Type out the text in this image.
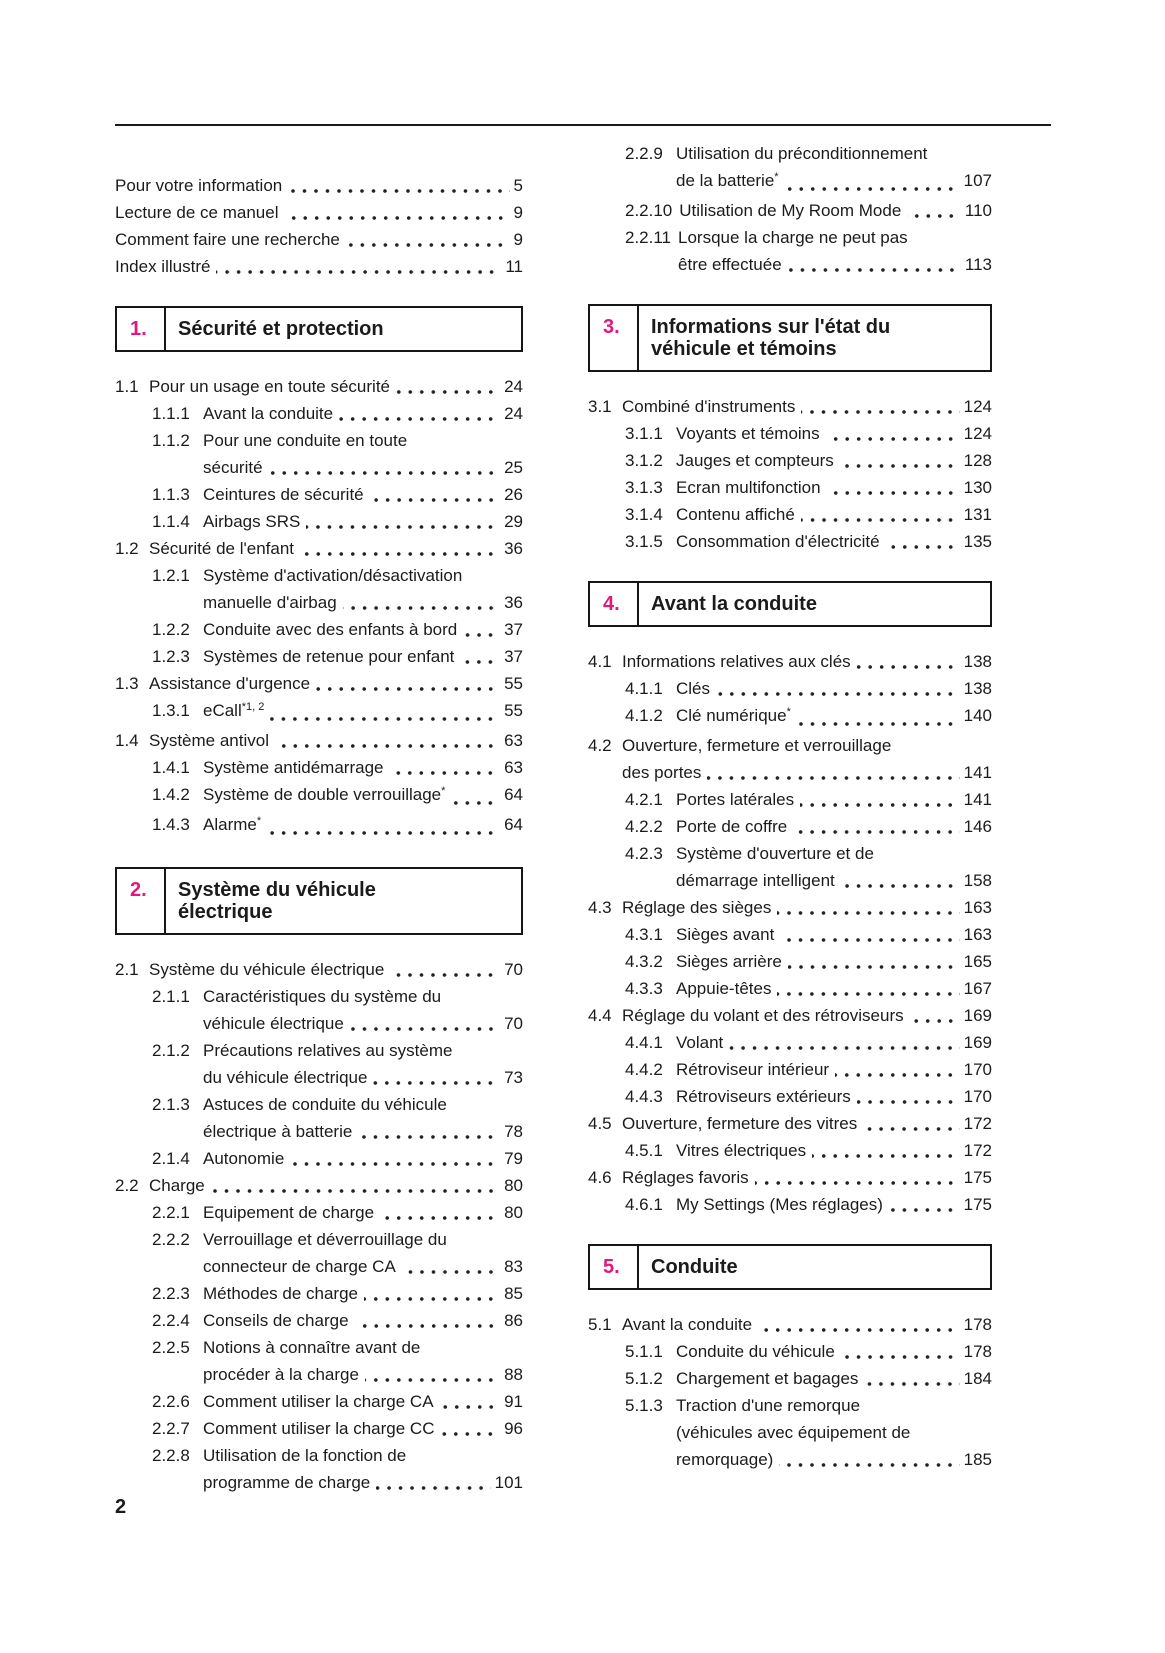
Pour votre information	5
Lecture de ce manuel	9
Comment faire une recherche	9
Index illustré	11
1.	Sécurité et protection
1.1 Pour un usage en toute sécurité	24
1.1.1 Avant la conduite	24
1.1.2 Pour une conduite en toute
sécurité	25
1.1.3 Ceintures de sécurité	26
1.1.4 Airbags SRS	29
1.2 Sécurité de l'enfant	36
1.2.1 Système d'activation/désactivation
manuelle d'airbag	36
1.2.2 Conduite avec des enfants à bord	37
1.2.3 Systèmes de retenue pour enfant	37
1.3 Assistance d'urgence	55
1.3.1 eCall$^{*1, 2}$	55
1.4 Système antivol	63
1.4.1 Système antidémarrage	63
1.4.2 Système de double verrouillage*	64
1.4.3 Alarme*	64
2.	Système du véhicule
électrique
2.1 Système du véhicule électrique	70
2.1.1 Caractéristiques du système du
véhicule électrique	70
2.1.2 Précautions relatives au système
du véhicule électrique	73
2.1.3 Astuces de conduite du véhicule
électrique à batterie	78
2.1.4 Autonomie	79
2.2 Charge	80
2.2.1 Equipement de charge	80
2.2.2 Verrouillage et déverrouillage du
connecteur de charge CA	83
2.2.3 Méthodes de charge	85
2.2.4 Conseils de charge	86
2.2.5 Notions à connaître avant de
procéder à la charge	88
2.2.6 Comment utiliser la charge CA	91
2.2.7 Comment utiliser la charge CC	96
2.2.8 Utilisation de la fonction de
programme de charge	101
2.2.9 Utilisation du préconditionnement
de la batterie*	107
2.2.10 Utilisation de My Room Mode	110
2.2.11 Lorsque la charge ne peut pas
être effectuée	113
3.	Informations sur l'état du
véhicule et témoins
3.1 Combiné d'instruments	124
3.1.1 Voyants et témoins	124
3.1.2 Jauges et compteurs	128
3.1.3 Ecran multifonction	130
3.1.4 Contenu affiché	131
3.1.5 Consommation d'électricité	135
4.	Avant la conduite
4.1 Informations relatives aux clés	138
4.1.1 Clés	138
4.1.2 Clé numérique*	140
4.2 Ouverture, fermeture et verrouillage
des portes	141
4.2.1 Portes latérales	141
4.2.2 Porte de coffre	146
4.2.3 Système d'ouverture et de
démarrage intelligent	158
4.3 Réglage des sièges	163
4.3.1 Sièges avant	163
4.3.2 Sièges arrière	165
4.3.3 Appuie-têtes	167
4.4 Réglage du volant et des rétroviseurs	169
4.4.1 Volant	169
4.4.2 Rétroviseur intérieur	170
4.4.3 Rétroviseurs extérieurs	170
4.5 Ouverture, fermeture des vitres	172
4.5.1 Vitres électriques	172
4.6 Réglages favoris	175
4.6.1 My Settings (Mes réglages)	175
5.	Conduite
5.1 Avant la conduite	178
5.1.1 Conduite du véhicule	178
5.1.2 Chargement et bagages	184
5.1.3 Traction d'une remorque
(véhicules avec équipement de
remorquage)	185
2
